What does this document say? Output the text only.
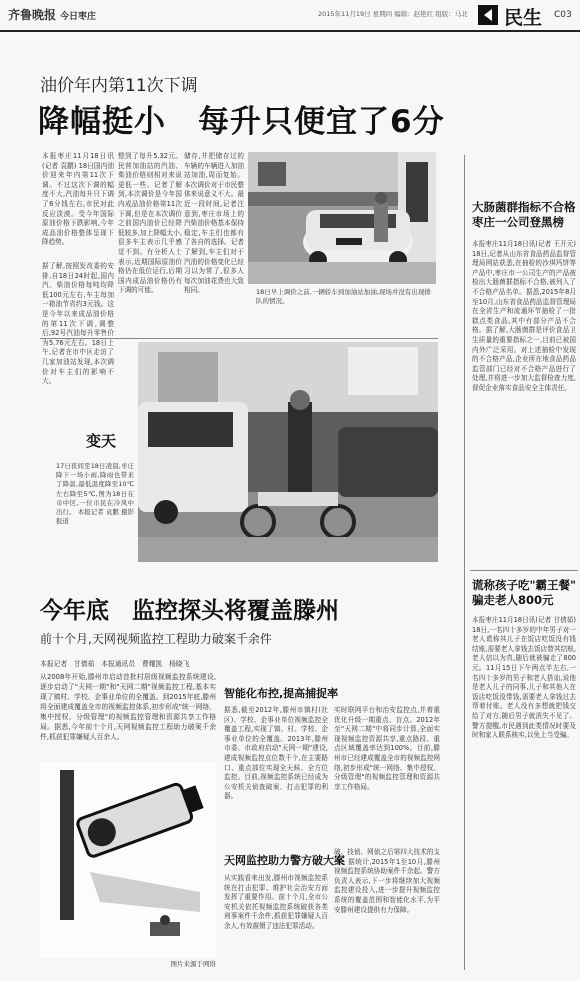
齐鲁晚报 今日枣庄	2015年11月19日 星期四 编辑：赵艳红 组版：马北 民生 C03
油价年内第11次下调
降幅挺小　每升只便宜了6分
本报枣庄11月18日讯(记者 袁鹏) 18日国内油价迎来年内第11次下调。不过这次下调的幅度不大,汽油每升只下调了6分钱左右,市民对此反应淡漠。受今年国际原油价格下跌影响,今年成品油价格整体呈现下降趋势。
据了解,按照发改委的安排,自18日24时起,国内汽、柴油价格每吨均降低100元左右,车主每加一箱油节省约3元钱。这是今年以来成品油价格的第11次下调,调整后,92号汽油每升零售价为5.76元左右。18日上午,记者在市中区走访了几家加油站发现,本次调价对车主们的影响不大。
整到了每升5.32元。民营加油站的汽油、柴油价格则相对来说更低一些。记者了解到,本次调价是今年国内成品油价格第11次下调,但是在本次调价之前国内油价已经降低较多,加上降幅太小,很多车主表示几乎感觉不到。有分析人士表示,近期国际原油价格仍在低位运行,后期国内成品油价格仍有下调的可能。
储存,并把储存过的车辆的车辆进入加油站加油,周而复始。本次调价对于市民整体来说意义不大。最近一段时间,记者注意到,枣庄市场上的汽柴油价格基本保持稳定,车主们也都有了各自的选择。记者了解到,车主们对于汽油的价格变化已经习以为常了,很多人每次加油花费也大致相同。	18日早上调价之前,一辆轿车到加油站加油,现场并没有出现排队的情况。
变天
17日夜间至18日凌晨,枣庄降下一场小雨,降雨也带来了降温,最低温度降至10℃左右降至5℃,图为18日在市中区,一位市民在冷风中出行。 本报记者 袁鹏 摄影报道
大肠菌群指标不合格
枣庄一公司登黑榜
本报枣庄11月18日讯(记者 王开元) 18日,记者从山东省食品药品监督管理局网站获悉,在抽检的沙琪玛饼等产品中,枣庄市一公司生产的产品被检出大肠菌群指标不合格,被列入了不合格产品名单。据悉,2015年8月至10月,山东省食品药品监督管理局在全省生产和流通环节抽检了一批糕点类食品,其中有部分产品不合格。据了解,大肠菌群是评价食品卫生质量的重要指标之一,目前已被国内外广泛采用。对上述抽检中发现的不合格产品,企业所在地食品药品监管部门已经对不合格产品进行了处理,并将进一步加大监督检查力度,督促企业落实食品安全主体责任。
谎称孩子吃"霸王餐"
骗走老人800元
本报枣庄11月18日讯(记者 甘倩茹) 18日,一名四十多岁的中年男子对一老人谎称其儿子在饭店吃饭没有钱结账,需要老人拿钱去饭店替其结账,老人信以为真,随后就被骗走了800元。11月15日下午两点半左右,一名四十多岁的男子和老人搭讪,说他是老人儿子的同事,儿子和其他人在饭店吃饭没带钱,需要老人拿钱过去帮着付账。老人没有多想就把钱交给了对方,随后男子就消失不见了。警方提醒,市民遇到此类情况时要及时和家人联系核实,以免上当受骗。
今年底　监控探头将覆盖滕州
前十个月,天网视频监控工程助力破案千余件
本报记者　甘倩茹　本报通讯员　曹耀凯　杨晓飞
从2008年开始,滕州市启动首批村居级视频监控系统建设,逐步启动了"天网一期"和"天网二期"视频监控工程,基本实现了镇村、学校、企事业单位的全覆盖。到2015年底,滕州将全面建成覆盖全市的视频监控体系,初步形成"统一网络、集中授权、分级管理"的视频监控管理和资源共享工作格局。据悉,今年前十个月,天网视频监控工程助力破案千余件,抓获犯罪嫌疑人百余人。
图片来源于网络
智能化布控,提高捕捉率
据悉,截至2012年,滕州市镇村(社区)、学校、企事业单位视频监控全覆盖工程,实现了镇、村、学校、企事业单位的全覆盖。2013年,滕州市委、市政府启动"天网一期"建设,建成视频监控点位数千个,在主要路口、重点部位实现全天候、全方位监控。目前,视频监控系统已经成为公安机关侦查破案、打击犯罪的利器。
实时联网平台和治安监控点,并着重优化升级一期重点、盲点。2012年至"天网二期"中将同步计算,全面实现视频监控资源共享,重点路段、重点区域覆盖率达到100%。目前,滕州市已经建成覆盖全市的视频监控网络,初步形成"统一网络、集中授权、分级管理"的视频监控管理和资源共享工作格局。
天网监控助力警方破大案
从实践看来出发,滕州市视频监控系统在打击犯罪、维护社会治安方面发挥了重要作用。前十个月,全市公安机关依托视频监控系统破获各类刑事案件千余件,抓获犯罪嫌疑人百余人,有效震慑了违法犯罪活动。
破、技侦、网侦之后第四大技术的支柱。据统计,2015年1至10月,滕州视频监控系统协助案件千余起。警方负责人表示,下一步将继续加大视频监控建设投入,进一步提升视频监控系统的覆盖范围和智能化水平,为平安滕州建设提供有力保障。
